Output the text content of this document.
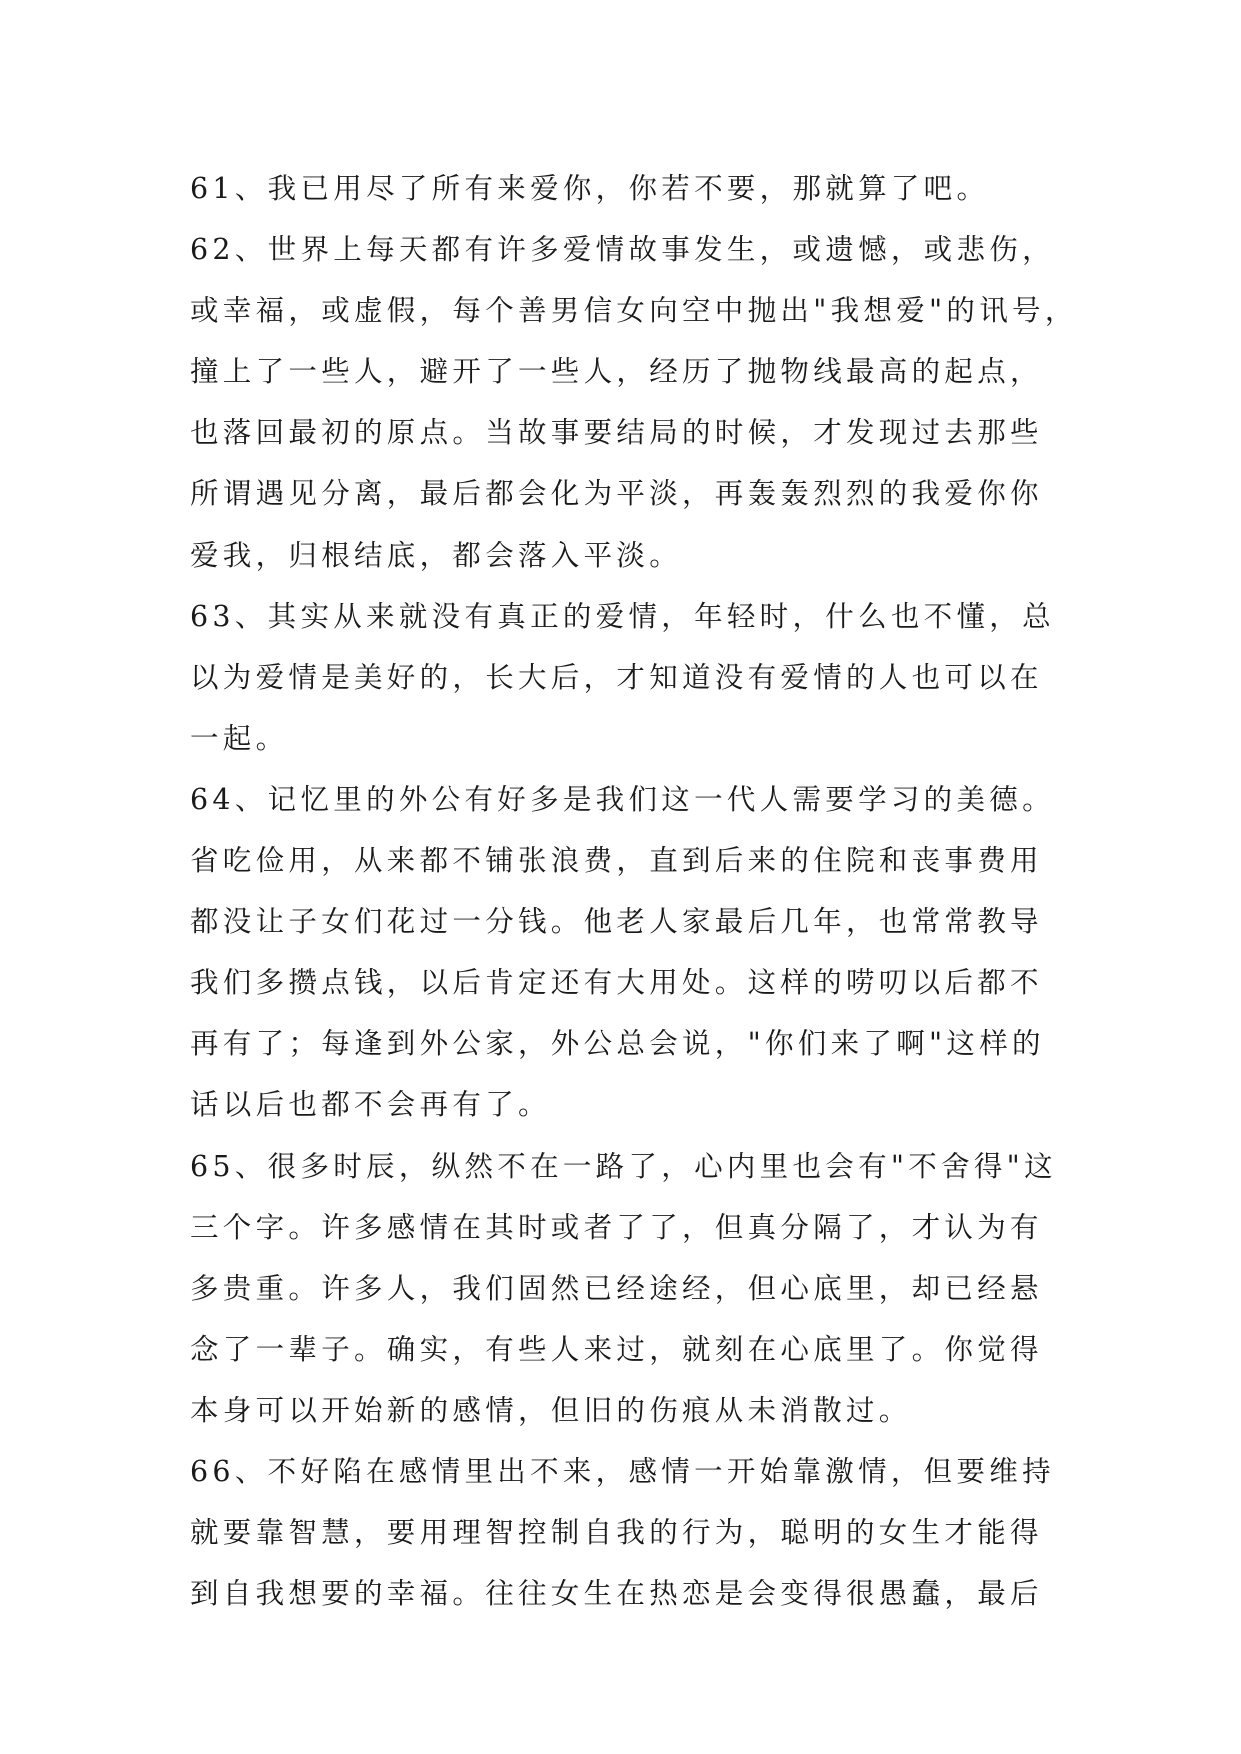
61、我已用尽了所有来爱你，你若不要，那就算了吧。
62、世界上每天都有许多爱情故事发生，或遗憾，或悲伤，
或幸福，或虚假，每个善男信女向空中抛出"我想爱"的讯号，
撞上了一些人，避开了一些人，经历了抛物线最高的起点，
也落回最初的原点。当故事要结局的时候，才发现过去那些
所谓遇见分离，最后都会化为平淡，再轰轰烈烈的我爱你你
爱我，归根结底，都会落入平淡。
63、其实从来就没有真正的爱情，年轻时，什么也不懂，总
以为爱情是美好的，长大后，才知道没有爱情的人也可以在
一起。
64、记忆里的外公有好多是我们这一代人需要学习的美德。
省吃俭用，从来都不铺张浪费，直到后来的住院和丧事费用
都没让子女们花过一分钱。他老人家最后几年，也常常教导
我们多攒点钱，以后肯定还有大用处。这样的唠叨以后都不
再有了；每逢到外公家，外公总会说，"你们来了啊"这样的
话以后也都不会再有了。
65、很多时辰，纵然不在一路了，心内里也会有"不舍得"这
三个字。许多感情在其时或者了了，但真分隔了，才认为有
多贵重。许多人，我们固然已经途经，但心底里，却已经悬
念了一辈子。确实，有些人来过，就刻在心底里了。你觉得
本身可以开始新的感情，但旧的伤痕从未消散过。
66、不好陷在感情里出不来，感情一开始靠激情，但要维持
就要靠智慧，要用理智控制自我的行为，聪明的女生才能得
到自我想要的幸福。往往女生在热恋是会变得很愚蠢，最后
